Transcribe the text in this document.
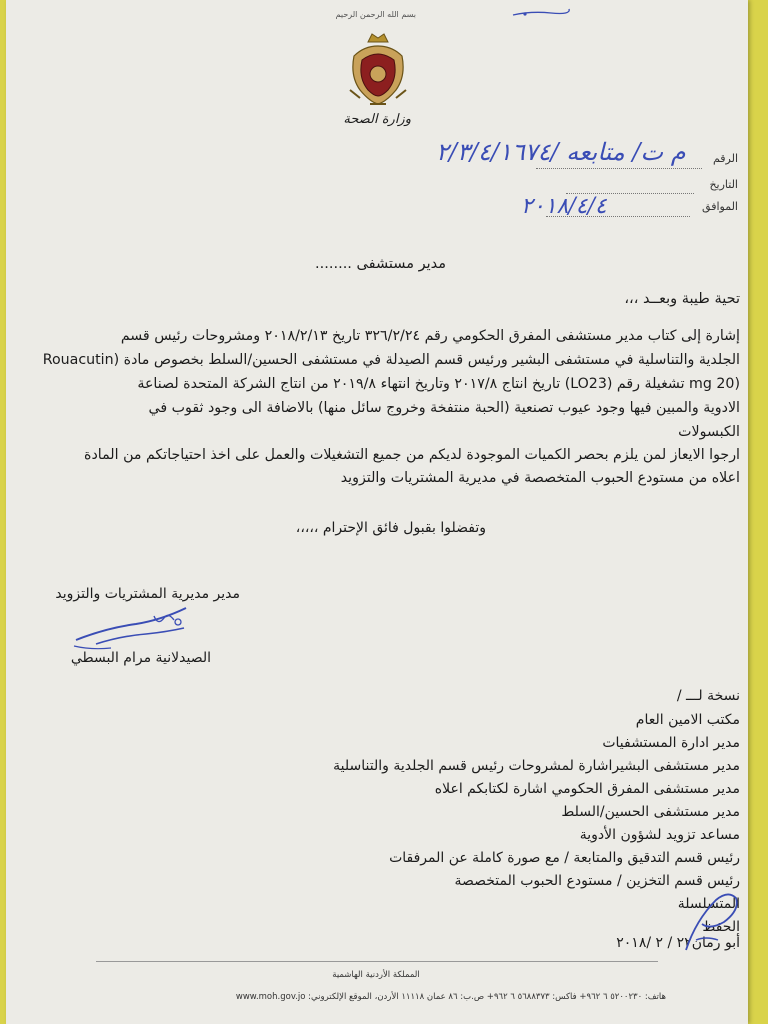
بسم الله الرحمن الرحيم
وزارة الصحة
الرقم
التاريخ
الموافق
م ت/ متابعه /٢/٣/٤/١٦٧٤
٢٠١٨/٤/٤
مدير مستشفى ........
تحية طيبة وبعــد ،،،
إشارة إلى كتاب مدير مستشفى المفرق الحكومي رقم ٣٢٦/٢/٢٤ تاريخ ٢٠١٨/٢/١٣ ومشروحات رئيس قسم
الجلدية والتناسلية في مستشفى البشير ورئيس قسم الصيدلة في مستشفى الحسين/السلط بخصوص مادة (Rouacutin
(20 mg تشغيلة رقم (LO23) تاريخ انتاج ٢٠١٧/٨ وتاريخ انتهاء ٢٠١٩/٨ من انتاج الشركة المتحدة لصناعة
الادوية والمبين فيها وجود عيوب تصنعية (الحبة منتفخة وخروج سائل منها) بالاضافة الى وجود ثقوب في
الكبسولات
ارجوا الايعاز لمن يلزم بحصر الكميات الموجودة لديكم من جميع التشغيلات والعمل على اخذ احتياجاتكم من المادة
اعلاه من مستودع الحبوب المتخصصة في مديرية المشتريات والتزويد
وتفضلوا بقبول فائق الإحترام ،،،،،
مدير مديرية المشتريات والتزويد
الصيدلانية مرام البسطي
نسخة لـــ /
مكتب الامين العام
مدير ادارة المستشفيات
مدير مستشفى البشيراشارة لمشروحات رئيس قسم الجلدية والتناسلية
مدير مستشفى المفرق الحكومي اشارة لكتابكم اعلاه
مدير مستشفى الحسين/السلط
مساعد تزويد لشؤون الأدوية
رئيس قسم التدقيق والمتابعة / مع صورة كاملة عن المرفقات
رئيس قسم التخزين / مستودع الحبوب المتخصصة
المتسلسلة
الحفظ
أبو رمان٢٢ / ٢ /٢٠١٨
المملكة الأردنية الهاشمية
هاتف: ٥٢٠٠٢٣٠ ٦ ٩٦٢+ فاكس: ٥٦٨٨٣٧٣ ٦ ٩٦٢+ ص.ب: ٨٦ عمان ١١١١٨ الأردن، الموقع الإلكتروني: www.moh.gov.jo
